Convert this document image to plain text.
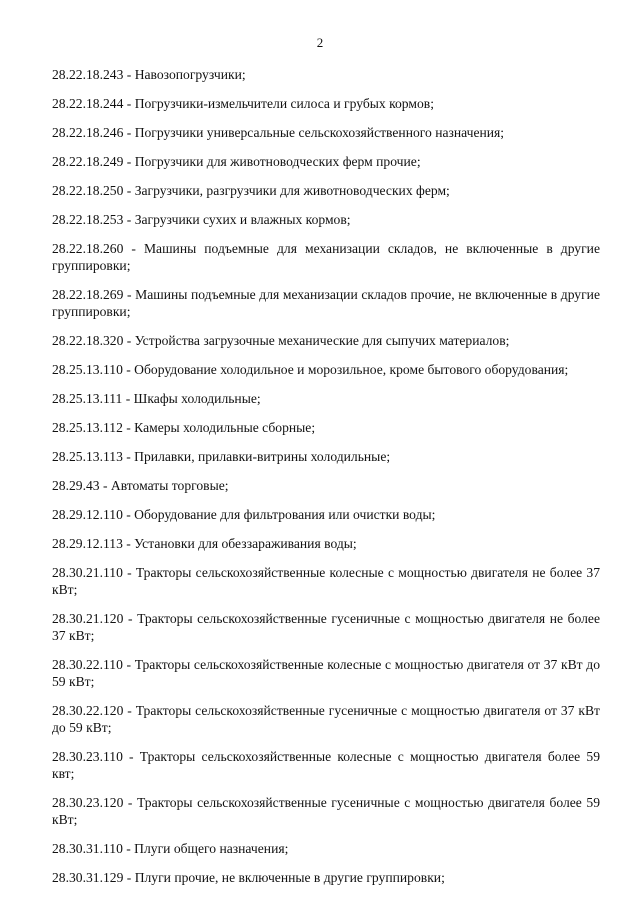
2

28.22.18.243 - Навозопогрузчики;

28.22.18.244 - Погрузчики-измельчители силоса и грубых кормов;

28.22.18.246 - Погрузчики универсальные сельскохозяйственного назначения;

28.22.18.249 - Погрузчики для животноводческих ферм прочие;

28.22.18.250 - Загрузчики, разгрузчики для животноводческих ферм;

28.22.18.253 - Загрузчики сухих и влажных кормов;

28.22.18.260 - Машины подъемные для механизации складов, не включенные в другие группировки;

28.22.18.269 - Машины подъемные для механизации складов прочие, не включенные в другие группировки;

28.22.18.320 - Устройства загрузочные механические для сыпучих материалов;

28.25.13.110 - Оборудование холодильное и морозильное, кроме бытового оборудования;

28.25.13.111 - Шкафы холодильные;

28.25.13.112 - Камеры холодильные сборные;

28.25.13.113 - Прилавки, прилавки-витрины холодильные;

28.29.43 - Автоматы торговые;

28.29.12.110 - Оборудование для фильтрования или очистки воды;

28.29.12.113 - Установки для обеззараживания воды;

28.30.21.110 - Тракторы сельскохозяйственные колесные с мощностью двигателя не более 37 кВт;

28.30.21.120 - Тракторы сельскохозяйственные гусеничные с мощностью двигателя не более 37 кВт;

28.30.22.110 - Тракторы сельскохозяйственные колесные с мощностью двигателя от 37 кВт до 59 кВт;

28.30.22.120 - Тракторы сельскохозяйственные гусеничные с мощностью двигателя от 37 кВт до 59 кВт;

28.30.23.110 - Тракторы сельскохозяйственные колесные с мощностью двигателя более 59 квт;

28.30.23.120 - Тракторы сельскохозяйственные гусеничные с мощностью двигателя более 59 кВт;

28.30.31.110 - Плуги общего назначения;

28.30.31.129 - Плуги прочие, не включенные в другие группировки;
